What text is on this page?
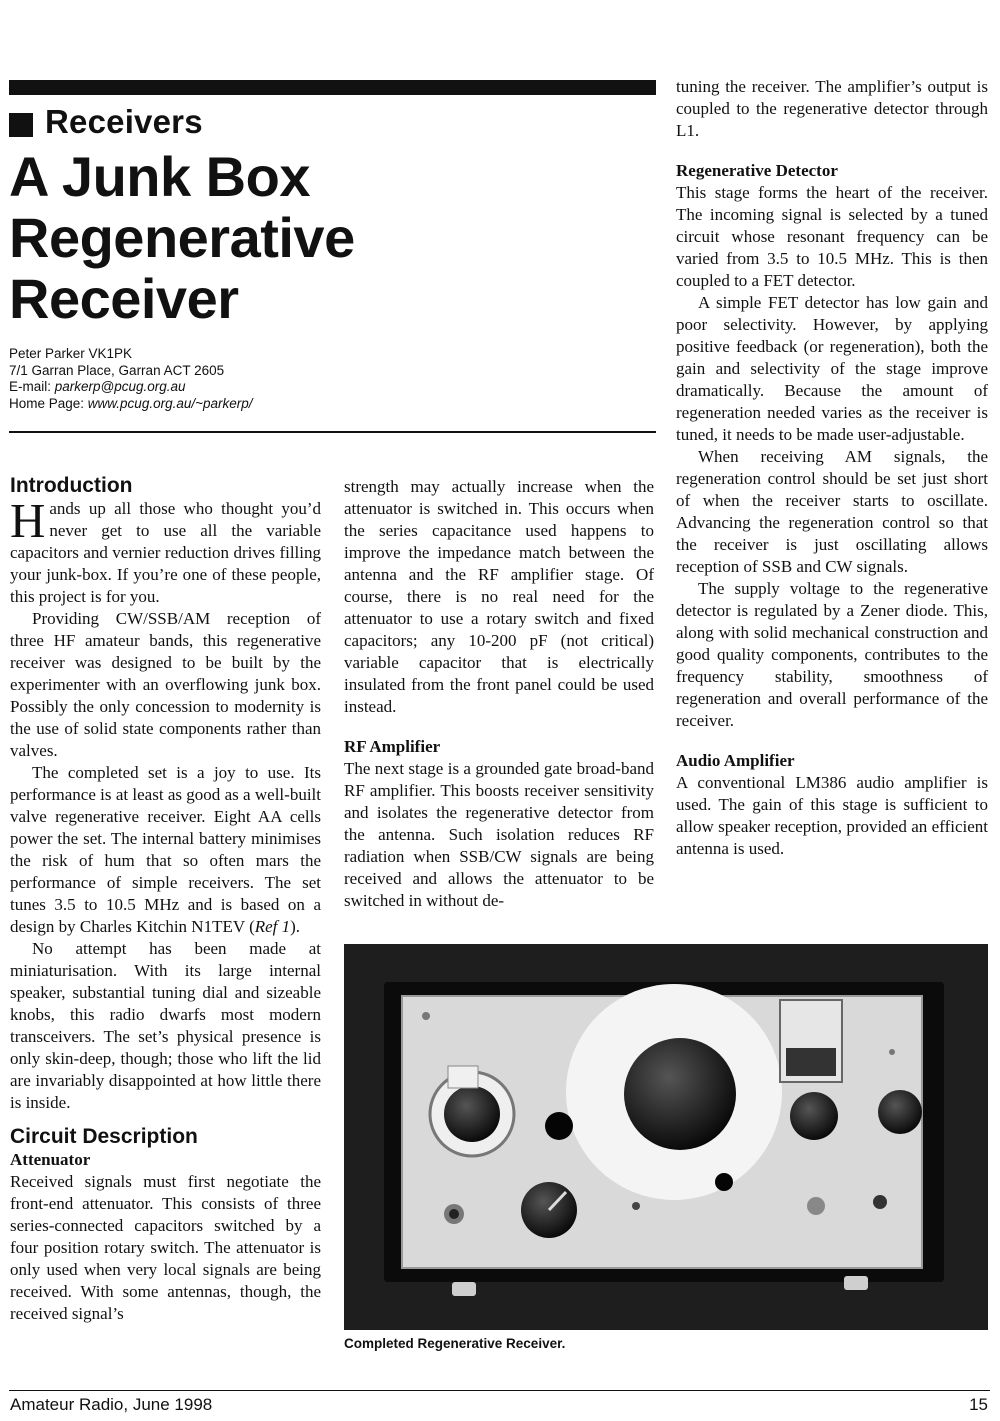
Receivers
A Junk Box
Regenerative
Receiver
Peter Parker VK1PK
7/1 Garran Place, Garran ACT 2605
E-mail: parkerp@pcug.org.au
Home Page: www.pcug.org.au/~parkerp/
Introduction

Hands up all those who thought you’d never get to use all the variable capacitors and vernier reduction drives filling your junk-box. If you’re one of these people, this project is for you.

Providing CW/SSB/AM reception of three HF amateur bands, this regenerative receiver was designed to be built by the experimenter with an overflowing junk box. Possibly the only concession to modernity is the use of solid state components rather than valves.

The completed set is a joy to use. Its performance is at least as good as a well-built valve regenerative receiver. Eight AA cells power the set. The internal battery minimises the risk of hum that so often mars the performance of simple receivers. The set tunes 3.5 to 10.5 MHz and is based on a design by Charles Kitchin N1TEV (Ref 1).

No attempt has been made at miniaturisation. With its large internal speaker, substantial tuning dial and sizeable knobs, this radio dwarfs most modern transceivers. The set’s physical presence is only skin-deep, though; those who lift the lid are invariably disappointed at how little there is inside.

Circuit Description
Attenuator

Received signals must first negotiate the front-end attenuator. This consists of three series-connected capacitors switched by a four position rotary switch. The attenuator is only used when very local signals are being received. With some antennas, though, the received signal’s

strength may actually increase when the attenuator is switched in. This occurs when the series capacitance used happens to improve the impedance match between the antenna and the RF amplifier stage. Of course, there is no real need for the attenuator to use a rotary switch and fixed capacitors; any 10-200 pF (not critical) variable capacitor that is electrically insulated from the front panel could be used instead.

RF Amplifier

The next stage is a grounded gate broad-band RF amplifier. This boosts receiver sensitivity and isolates the regenerative detector from the antenna. Such isolation reduces RF radiation when SSB/CW signals are being received and allows the attenuator to be switched in without de-

tuning the receiver. The amplifier’s output is coupled to the regenerative detector through L1.

Regenerative Detector

This stage forms the heart of the receiver. The incoming signal is selected by a tuned circuit whose resonant frequency can be varied from 3.5 to 10.5 MHz. This is then coupled to a FET detector.

A simple FET detector has low gain and poor selectivity. However, by applying positive feedback (or regeneration), both the gain and selectivity of the stage improve dramatically. Because the amount of regeneration needed varies as the receiver is tuned, it needs to be made user-adjustable.

When receiving AM signals, the regeneration control should be set just short of when the receiver starts to oscillate. Advancing the regeneration control so that the receiver is just oscillating allows reception of SSB and CW signals.

The supply voltage to the regenerative detector is regulated by a Zener diode. This, along with solid mechanical construction and good quality components, contributes to the frequency stability, smoothness of regeneration and overall performance of the receiver.

Audio Amplifier

A conventional LM386 audio amplifier is used. The gain of this stage is sufficient to allow speaker reception, provided an efficient antenna is used.

Completed Regenerative Receiver.
Amateur Radio, June 1998	15
